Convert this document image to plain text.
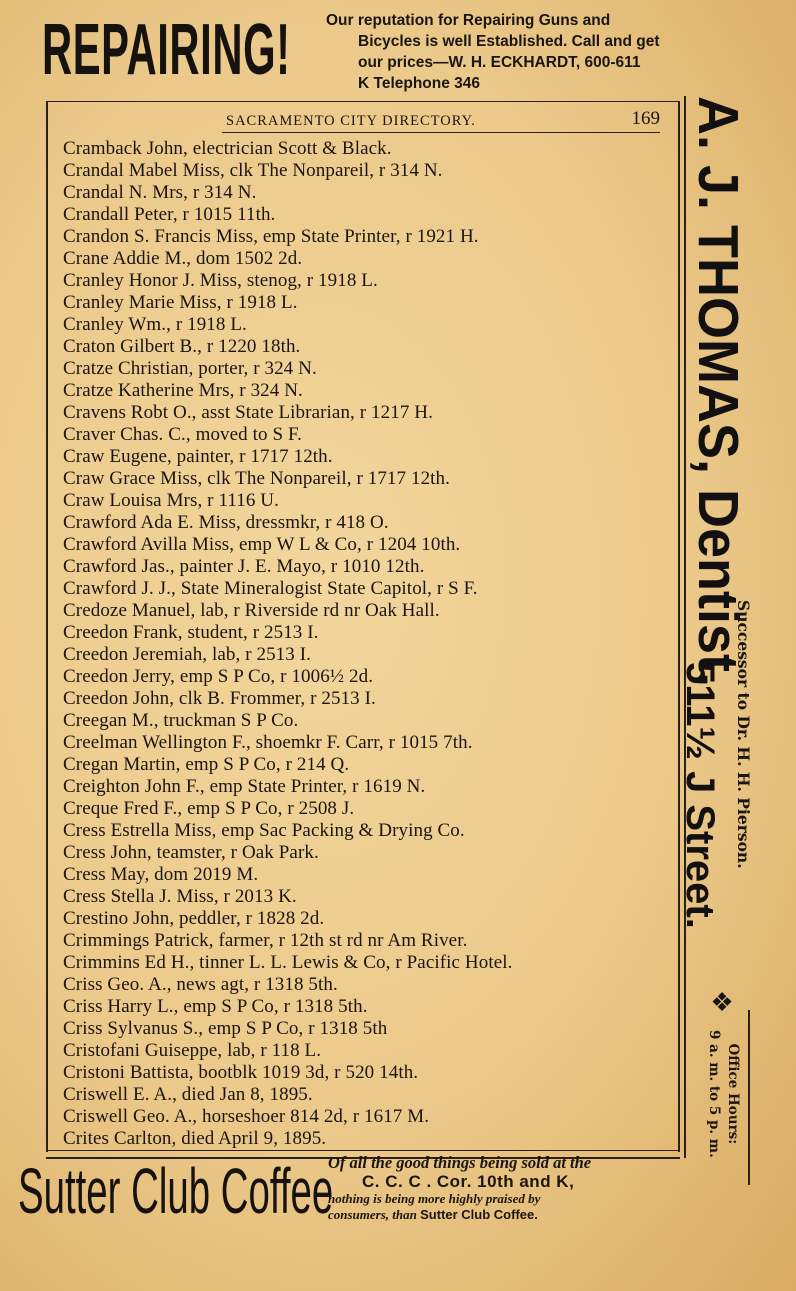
REPAIRING! Our reputation for Repairing Guns and
Bicycles is well Established. Call and get
our prices—W. H. ECKHARDT, 600-611
K Telephone 346
SACRAMENTO CITY DIRECTORY.	169
Cramback John, electrician Scott & Black.
Crandal Mabel Miss, clk The Nonpareil, r 314 N.
Crandal N. Mrs, r 314 N.
Crandall Peter, r 1015 11th.
Crandon S. Francis Miss, emp State Printer, r 1921 H.
Crane Addie M., dom 1502 2d.
Cranley Honor J. Miss, stenog, r 1918 L.
Cranley Marie Miss, r 1918 L.
Cranley Wm., r 1918 L.
Craton Gilbert B., r 1220 18th.
Cratze Christian, porter, r 324 N.
Cratze Katherine Mrs, r 324 N.
Cravens Robt O., asst State Librarian, r 1217 H.
Craver Chas. C., moved to S F.
Craw Eugene, painter, r 1717 12th.
Craw Grace Miss, clk The Nonpareil, r 1717 12th.
Craw Louisa Mrs, r 1116 U.
Crawford Ada E. Miss, dressmkr, r 418 O.
Crawford Avilla Miss, emp W L & Co, r 1204 10th.
Crawford Jas., painter J. E. Mayo, r 1010 12th.
Crawford J. J., State Mineralogist State Capitol, r S F.
Credoze Manuel, lab, r Riverside rd nr Oak Hall.
Creedon Frank, student, r 2513 I.
Creedon Jeremiah, lab, r 2513 I.
Creedon Jerry, emp S P Co, r 1006½ 2d.
Creedon John, clk B. Frommer, r 2513 I.
Creegan M., truckman S P Co.
Creelman Wellington F., shoemkr F. Carr, r 1015 7th.
Cregan Martin, emp S P Co, r 214 Q.
Creighton John F., emp State Printer, r 1619 N.
Creque Fred F., emp S P Co, r 2508 J.
Cress Estrella Miss, emp Sac Packing & Drying Co.
Cress John, teamster, r Oak Park.
Cress May, dom 2019 M.
Cress Stella J. Miss, r 2013 K.
Crestino John, peddler, r 1828 2d.
Crimmings Patrick, farmer, r 12th st rd nr Am River.
Crimmins Ed H., tinner L. L. Lewis & Co, r Pacific Hotel.
Criss Geo. A., news agt, r 1318 5th.
Criss Harry L., emp S P Co, r 1318 5th.
Criss Sylvanus S., emp S P Co, r 1318 5th
Cristofani Guiseppe, lab, r 118 L.
Cristoni Battista, bootblk 1019 3d, r 520 14th.
Criswell E. A., died Jan 8, 1895.
Criswell Geo. A., horseshoer 814 2d, r 1617 M.
Crites Carlton, died April 9, 1895.
A. J. THOMAS, Dentist,
Successor to Dr. H. H. Pierson.
511½ J Street.
❖
Office Hours:
9 a. m. to 5 p. m.
Sutter Club Coffee
Of all the good things being sold at the
C. C. C . Cor. 10th and K,
nothing is being more highly praised by
consumers, than Sutter Club Coffee.
